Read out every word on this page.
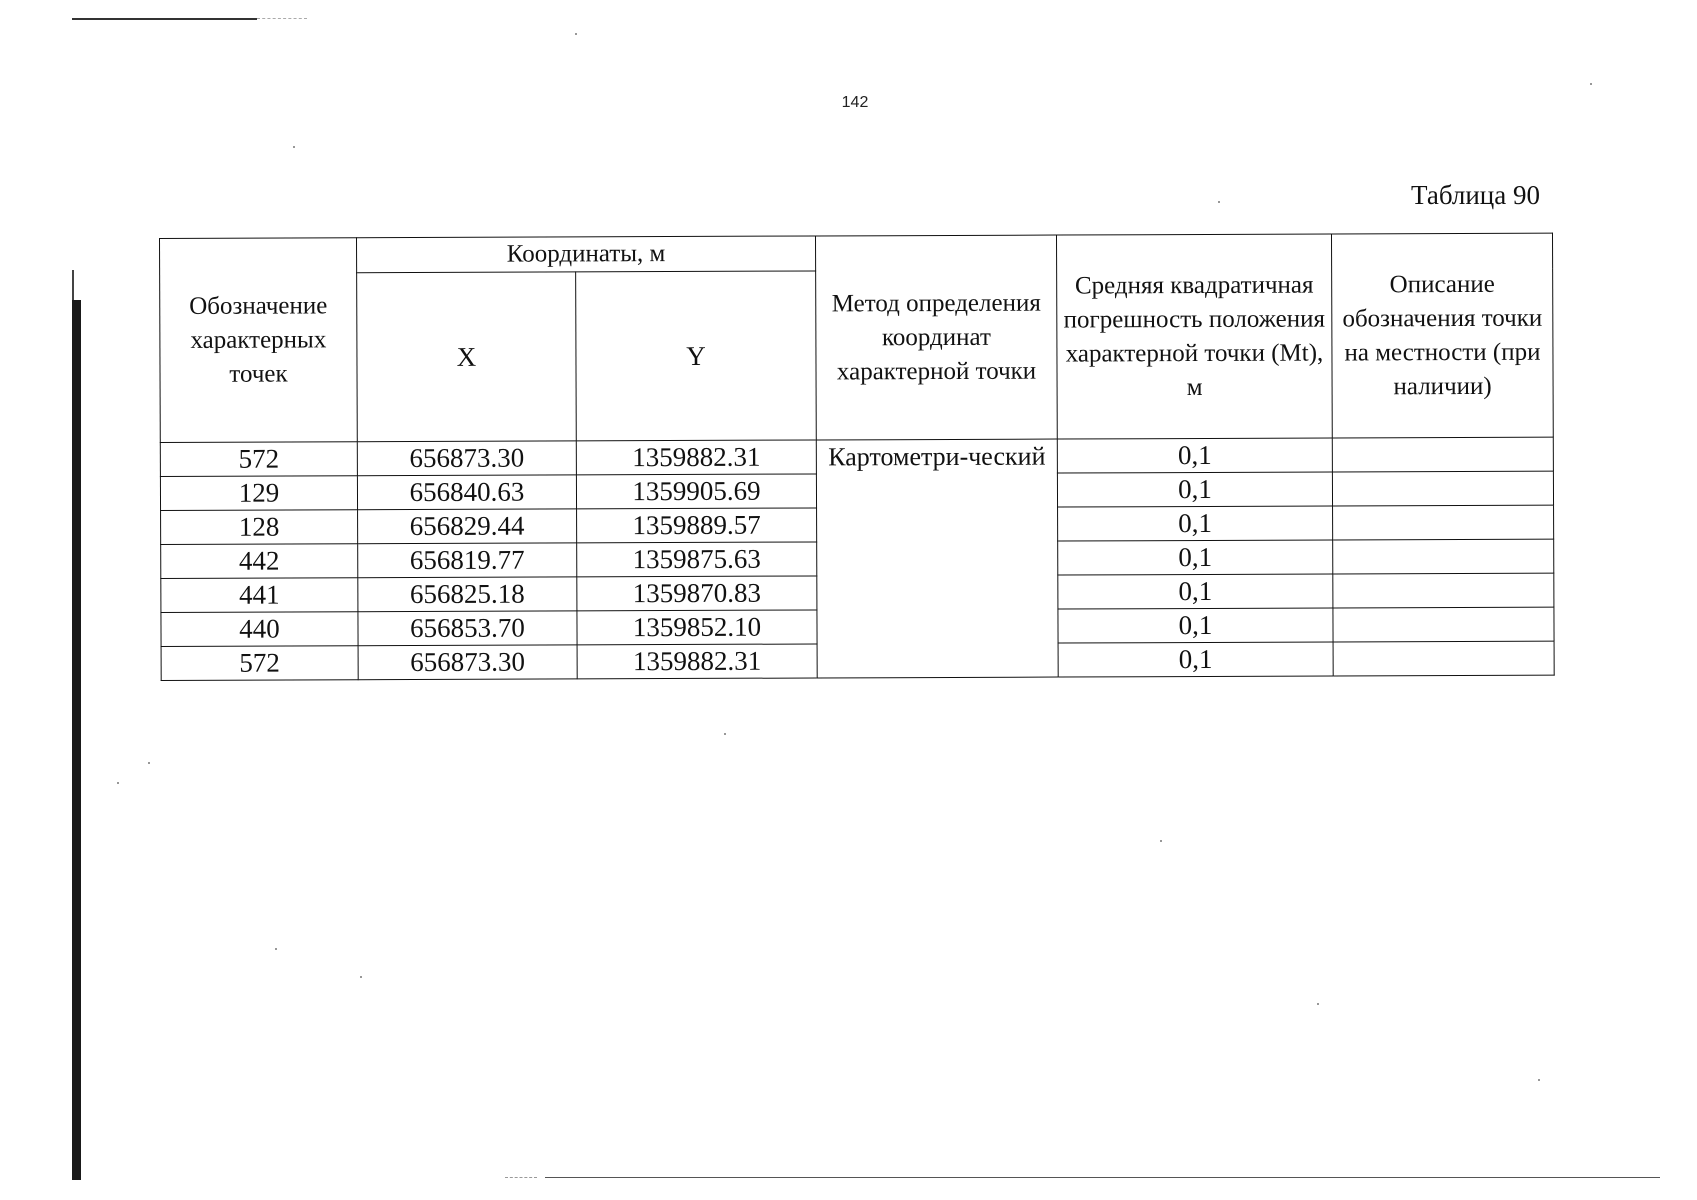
142
Таблица 90
Обозначение характерных точек	Координаты, м		Метод определения координат характерной точки	Средняя квадратичная погрешность положения характерной точки (Mt), м	Описание обозначения точки на местности (при наличии)
	X	Y			
572	656873.30	1359882.31	Картометри-ческий	0,1	
129	656840.63	1359905.69		0,1	
128	656829.44	1359889.57		0,1	
442	656819.77	1359875.63		0,1	
441	656825.18	1359870.83		0,1	
440	656853.70	1359852.10		0,1	
572	656873.30	1359882.31		0,1	
